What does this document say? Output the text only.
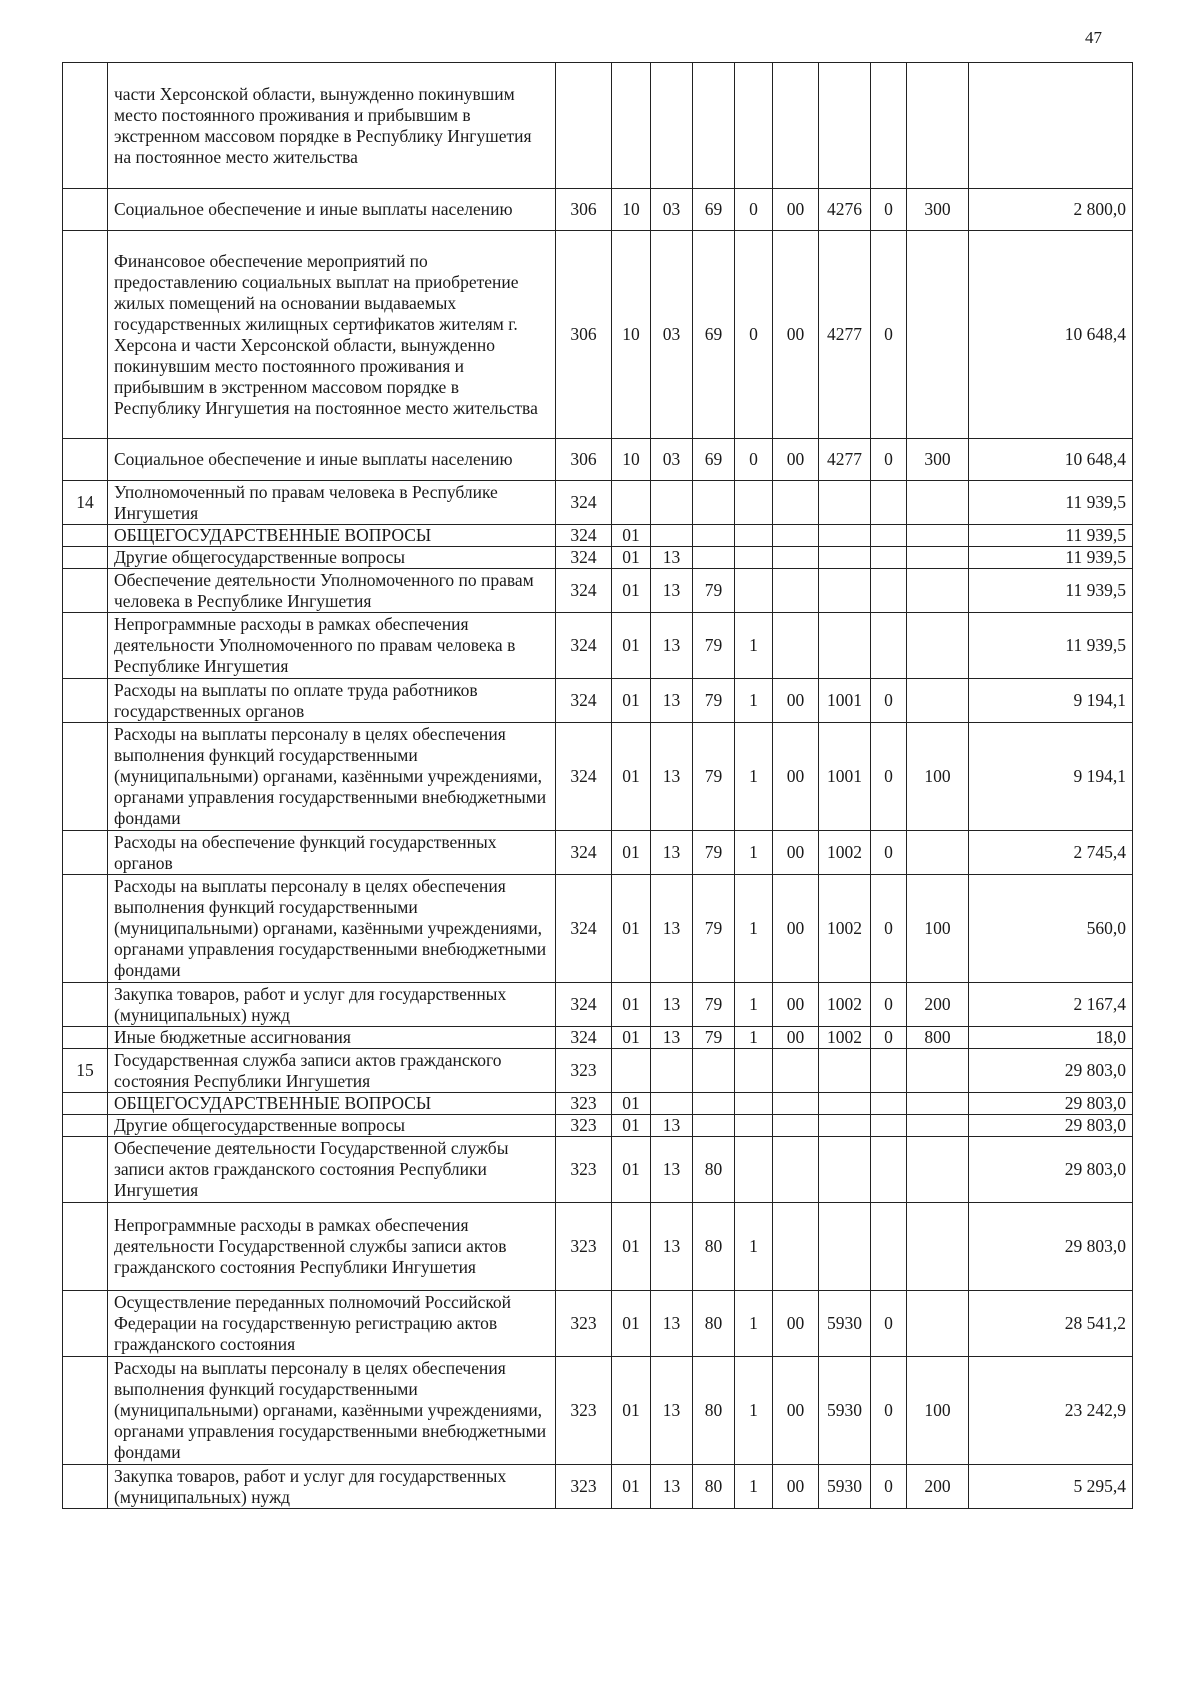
47
	части Херсонской области, вынужденно покинувшим место постоянного проживания и прибывшим в экстренном массовом порядке в Республику Ингушетия на постоянное место жительства										
	Социальное обеспечение и иные выплаты населению	306	10	03	69	0	00	4276	0	300	2 800,0
	Финансовое обеспечение мероприятий по предоставлению социальных выплат на приобретение жилых помещений на основании выдаваемых государственных жилищных сертификатов жителям г. Херсона и части Херсонской области, вынужденно покинувшим место постоянного проживания и прибывшим в экстренном массовом порядке в Республику Ингушетия на постоянное место жительства	306	10	03	69	0	00	4277	0		10 648,4
	Социальное обеспечение и иные выплаты населению	306	10	03	69	0	00	4277	0	300	10 648,4
14	Уполномоченный по правам человека в Республике Ингушетия	324									11 939,5
	ОБЩЕГОСУДАРСТВЕННЫЕ ВОПРОСЫ	324	01								11 939,5
	Другие общегосударственные вопросы	324	01	13							11 939,5
	Обеспечение деятельности Уполномоченного по правам человека в Республике Ингушетия	324	01	13	79						11 939,5
	Непрограммные расходы в рамках обеспечения деятельности Уполномоченного по правам человека в Республике Ингушетия	324	01	13	79	1					11 939,5
	Расходы на выплаты по оплате труда работников государственных органов	324	01	13	79	1	00	1001	0		9 194,1
	Расходы на выплаты персоналу в целях обеспечения выполнения функций государственными (муниципальными) органами, казёнными учреждениями, органами управления государственными внебюджетными фондами	324	01	13	79	1	00	1001	0	100	9 194,1
	Расходы на обеспечение функций государственных органов	324	01	13	79	1	00	1002	0		2 745,4
	Расходы на выплаты персоналу в целях обеспечения выполнения функций государственными (муниципальными) органами, казёнными учреждениями, органами управления государственными внебюджетными фондами	324	01	13	79	1	00	1002	0	100	560,0
	Закупка товаров, работ и услуг для государственных (муниципальных) нужд	324	01	13	79	1	00	1002	0	200	2 167,4
	Иные бюджетные ассигнования	324	01	13	79	1	00	1002	0	800	18,0
15	Государственная служба записи актов гражданского состояния Республики Ингушетия	323									29 803,0
	ОБЩЕГОСУДАРСТВЕННЫЕ ВОПРОСЫ	323	01								29 803,0
	Другие общегосударственные вопросы	323	01	13							29 803,0
	Обеспечение деятельности Государственной службы записи актов гражданского состояния Республики Ингушетия	323	01	13	80						29 803,0
	Непрограммные расходы в рамках обеспечения деятельности Государственной службы записи актов гражданского состояния Республики Ингушетия	323	01	13	80	1					29 803,0
	Осуществление переданных полномочий Российской Федерации на государственную регистрацию актов гражданского состояния	323	01	13	80	1	00	5930	0		28 541,2
	Расходы на выплаты персоналу в целях обеспечения выполнения функций государственными (муниципальными) органами, казёнными учреждениями, органами управления государственными внебюджетными фондами	323	01	13	80	1	00	5930	0	100	23 242,9
	Закупка товаров, работ и услуг для государственных (муниципальных) нужд	323	01	13	80	1	00	5930	0	200	5 295,4
